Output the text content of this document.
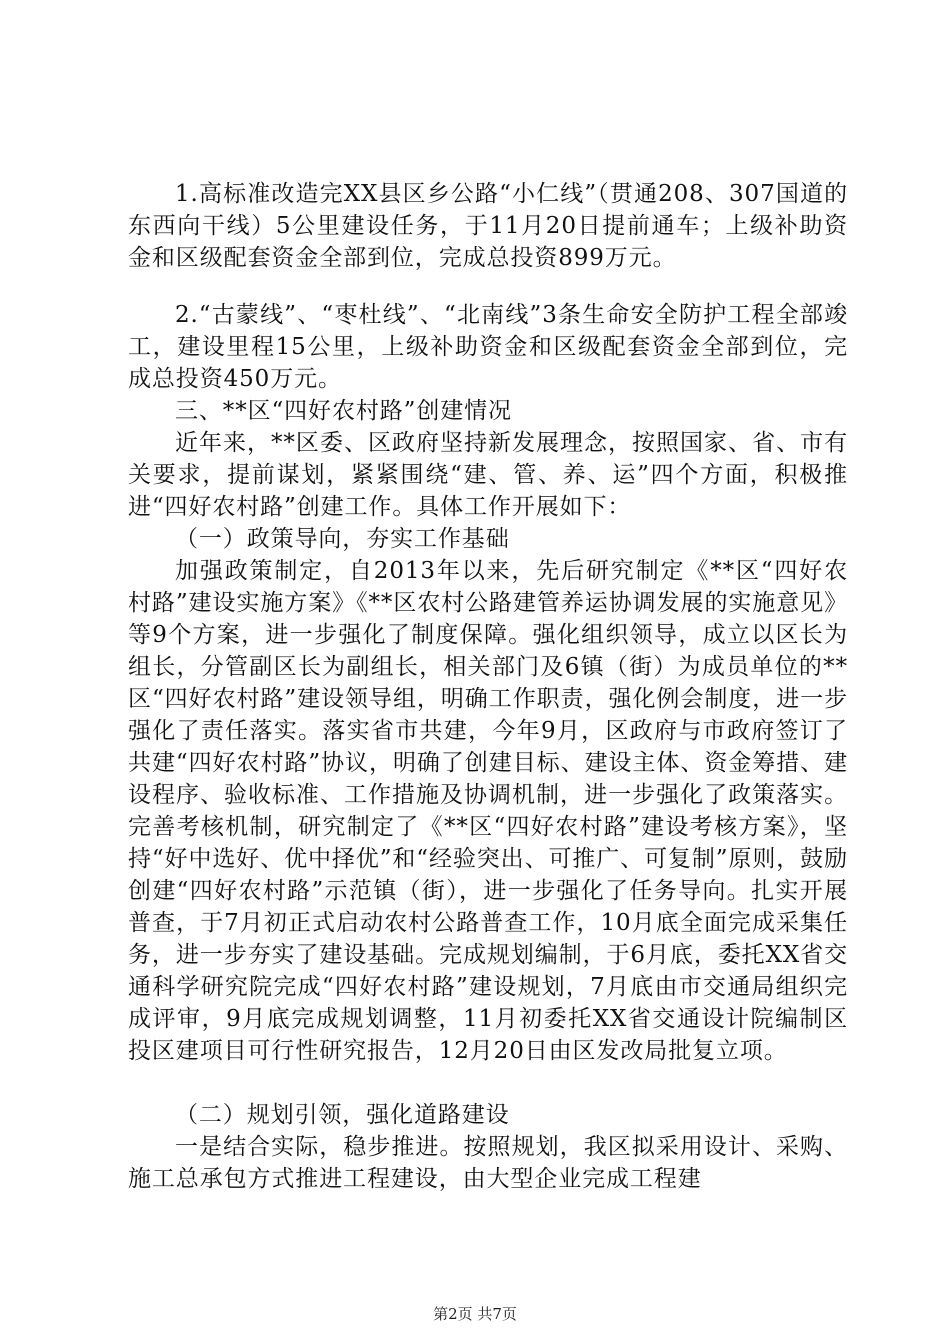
1.高标准改造完XX县区乡公路“小仁线”（贯通208、307国道的东西向干线）5公里建设任务，于11月20日提前通车；上级补助资金和区级配套资金全部到位，完成总投资899万元。

2.“古蒙线”、“枣杜线”、“北南线”3条生命安全防护工程全部竣工，建设里程15公里，上级补助资金和区级配套资金全部到位，完成总投资450万元。

三、**区“四好农村路”创建情况

近年来，**区委、区政府坚持新发展理念，按照国家、省、市有关要求，提前谋划，紧紧围绕“建、管、养、运”四个方面，积极推进“四好农村路”创建工作。具体工作开展如下：

（一）政策导向，夯实工作基础

加强政策制定，自2013年以来，先后研究制定《**区“四好农村路”建设实施方案》《**区农村公路建管养运协调发展的实施意见》等9个方案，进一步强化了制度保障。强化组织领导，成立以区长为组长，分管副区长为副组长，相关部门及6镇（街）为成员单位的**区“四好农村路”建设领导组，明确工作职责，强化例会制度，进一步强化了责任落实。落实省市共建，今年9月，区政府与市政府签订了共建“四好农村路”协议，明确了创建目标、建设主体、资金筹措、建设程序、验收标准、工作措施及协调机制，进一步强化了政策落实。完善考核机制，研究制定了《**区“四好农村路”建设考核方案》，坚持“好中选好、优中择优”和“经验突出、可推广、可复制”原则，鼓励创建“四好农村路”示范镇（街），进一步强化了任务导向。扎实开展普查，于7月初正式启动农村公路普查工作，10月底全面完成采集任务，进一步夯实了建设基础。完成规划编制，于6月底，委托XX省交通科学研究院完成“四好农村路”建设规划，7月底由市交通局组织完成评审，9月底完成规划调整，11月初委托XX省交通设计院编制区投区建项目可行性研究报告，12月20日由区发改局批复立项。

（二）规划引领，强化道路建设

一是结合实际，稳步推进。按照规划，我区拟采用设计、采购、施工总承包方式推进工程建设，由大型企业完成工程建

第2页 共7页
